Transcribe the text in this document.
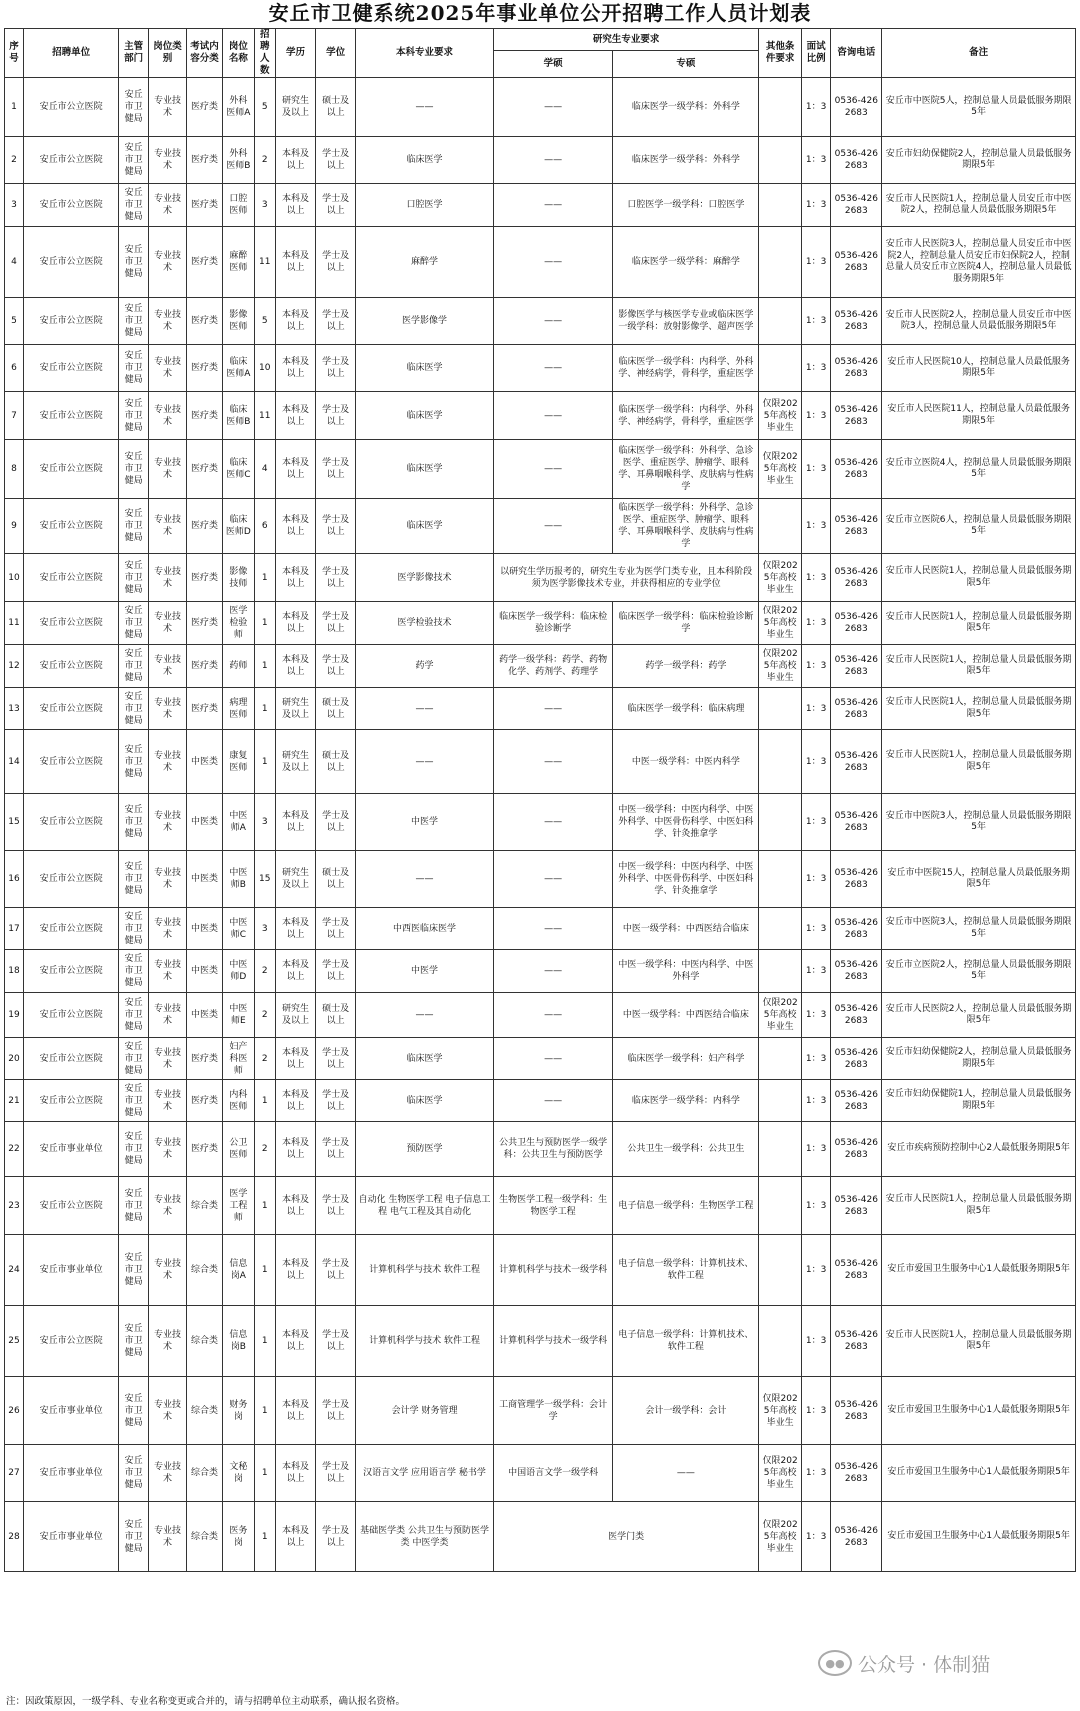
安丘市卫健系统2025年事业单位公开招聘工作人员计划表
序号	招聘单位	主管部门	岗位类别	考试内容分类	岗位名称	招聘人数	学历	学位	本科专业要求	研究生专业要求		其他条件要求	面试比例	咨询电话	备注
										学硕	专硕				
1	安丘市公立医院	安丘市卫健局	专业技术	医疗类	外科医师A	5	研究生及以上	硕士及以上	——	——	临床医学一级学科：外科学		1：3	0536-4262683	安丘市中医院5人，控制总量人员最低服务期限5年
2	安丘市公立医院	安丘市卫健局	专业技术	医疗类	外科医师B	2	本科及以上	学士及以上	临床医学	——	临床医学一级学科：外科学		1：3	0536-4262683	安丘市妇幼保健院2人，控制总量人员最低服务期限5年
3	安丘市公立医院	安丘市卫健局	专业技术	医疗类	口腔医师	3	本科及以上	学士及以上	口腔医学	——	口腔医学一级学科：口腔医学		1：3	0536-4262683	安丘市人民医院1人，控制总量人员安丘市中医院2人，控制总量人员最低服务期限5年
4	安丘市公立医院	安丘市卫健局	专业技术	医疗类	麻醉医师	11	本科及以上	学士及以上	麻醉学	——	临床医学一级学科：麻醉学		1：3	0536-4262683	安丘市人民医院3人，控制总量人员安丘市中医院2人，控制总量人员安丘市妇保院2人，控制总量人员安丘市立医院4人，控制总量人员最低服务期限5年
5	安丘市公立医院	安丘市卫健局	专业技术	医疗类	影像医师	5	本科及以上	学士及以上	医学影像学	——	影像医学与核医学专业或临床医学一级学科：放射影像学、超声医学		1：3	0536-4262683	安丘市人民医院2人，控制总量人员安丘市中医院3人，控制总量人员最低服务期限5年
6	安丘市公立医院	安丘市卫健局	专业技术	医疗类	临床医师A	10	本科及以上	学士及以上	临床医学	——	临床医学一级学科：内科学、外科学、神经病学，骨科学，重症医学		1：3	0536-4262683	安丘市人民医院10人，控制总量人员最低服务期限5年
7	安丘市公立医院	安丘市卫健局	专业技术	医疗类	临床医师B	11	本科及以上	学士及以上	临床医学	——	临床医学一级学科：内科学、外科学、神经病学，骨科学，重症医学	仅限2025年高校毕业生	1：3	0536-4262683	安丘市人民医院11人，控制总量人员最低服务期限5年
8	安丘市公立医院	安丘市卫健局	专业技术	医疗类	临床医师C	4	本科及以上	学士及以上	临床医学	——	临床医学一级学科：外科学、急诊医学、重症医学、肿瘤学、眼科学、耳鼻咽喉科学、皮肤病与性病学	仅限2025年高校毕业生	1：3	0536-4262683	安丘市立医院4人，控制总量人员最低服务期限5年
9	安丘市公立医院	安丘市卫健局	专业技术	医疗类	临床医师D	6	本科及以上	学士及以上	临床医学	——	临床医学一级学科：外科学、急诊医学、重症医学、肿瘤学、眼科学、耳鼻咽喉科学、皮肤病与性病学		1：3	0536-4262683	安丘市立医院6人，控制总量人员最低服务期限5年
10	安丘市公立医院	安丘市卫健局	专业技术	医疗类	影像技师	1	本科及以上	学士及以上	医学影像技术	以研究生学历报考的，研究生专业为医学门类专业，且本科阶段须为医学影像技术专业，并获得相应的专业学位		仅限2025年高校毕业生	1：3	0536-4262683	安丘市人民医院1人，控制总量人员最低服务期限5年
11	安丘市公立医院	安丘市卫健局	专业技术	医疗类	医学检验师	1	本科及以上	学士及以上	医学检验技术	临床医学一级学科：临床检验诊断学	临床医学一级学科：临床检验诊断学	仅限2025年高校毕业生	1：3	0536-4262683	安丘市人民医院1人，控制总量人员最低服务期限5年
12	安丘市公立医院	安丘市卫健局	专业技术	医疗类	药师	1	本科及以上	学士及以上	药学	药学一级学科：药学、药物化学、药剂学、药理学	药学一级学科：药学	仅限2025年高校毕业生	1：3	0536-4262683	安丘市人民医院1人，控制总量人员最低服务期限5年
13	安丘市公立医院	安丘市卫健局	专业技术	医疗类	病理医师	1	研究生及以上	硕士及以上	——	——	临床医学一级学科：临床病理		1：3	0536-4262683	安丘市人民医院1人，控制总量人员最低服务期限5年
14	安丘市公立医院	安丘市卫健局	专业技术	中医类	康复医师	1	研究生及以上	硕士及以上	——	——	中医一级学科：中医内科学		1：3	0536-4262683	安丘市人民医院1人，控制总量人员最低服务期限5年
15	安丘市公立医院	安丘市卫健局	专业技术	中医类	中医师A	3	本科及以上	学士及以上	中医学	——	中医一级学科：中医内科学、中医外科学、中医骨伤科学、中医妇科学、针灸推拿学		1：3	0536-4262683	安丘市中医院3人，控制总量人员最低服务期限5年
16	安丘市公立医院	安丘市卫健局	专业技术	中医类	中医师B	15	研究生及以上	硕士及以上	——	——	中医一级学科：中医内科学、中医外科学、中医骨伤科学、中医妇科学、针灸推拿学		1：3	0536-4262683	安丘市中医院15人，控制总量人员最低服务期限5年
17	安丘市公立医院	安丘市卫健局	专业技术	中医类	中医师C	3	本科及以上	学士及以上	中西医临床医学	——	中医一级学科：中西医结合临床		1：3	0536-4262683	安丘市中医院3人，控制总量人员最低服务期限5年
18	安丘市公立医院	安丘市卫健局	专业技术	中医类	中医师D	2	本科及以上	学士及以上	中医学	——	中医一级学科：中医内科学、中医外科学		1：3	0536-4262683	安丘市立医院2人，控制总量人员最低服务期限5年
19	安丘市公立医院	安丘市卫健局	专业技术	中医类	中医师E	2	研究生及以上	硕士及以上	——	——	中医一级学科：中西医结合临床	仅限2025年高校毕业生	1：3	0536-4262683	安丘市人民医院2人，控制总量人员最低服务期限5年
20	安丘市公立医院	安丘市卫健局	专业技术	医疗类	妇产科医师	2	本科及以上	学士及以上	临床医学	——	临床医学一级学科：妇产科学		1：3	0536-4262683	安丘市妇幼保健院2人，控制总量人员最低服务期限5年
21	安丘市公立医院	安丘市卫健局	专业技术	医疗类	内科医师	1	本科及以上	学士及以上	临床医学	——	临床医学一级学科：内科学		1：3	0536-4262683	安丘市妇幼保健院1人，控制总量人员最低服务期限5年
22	安丘市事业单位	安丘市卫健局	专业技术	医疗类	公卫医师	2	本科及以上	学士及以上	预防医学	公共卫生与预防医学一级学科：公共卫生与预防医学	公共卫生一级学科：公共卫生		1：3	0536-4262683	安丘市疾病预防控制中心2人最低服务期限5年
23	安丘市公立医院	安丘市卫健局	专业技术	综合类	医学工程师	1	本科及以上	学士及以上	自动化 生物医学工程 电子信息工程 电气工程及其自动化	生物医学工程一级学科：生物医学工程	电子信息一级学科：生物医学工程		1：3	0536-4262683	安丘市人民医院1人，控制总量人员最低服务期限5年
24	安丘市事业单位	安丘市卫健局	专业技术	综合类	信息岗A	1	本科及以上	学士及以上	计算机科学与技术 软件工程	计算机科学与技术一级学科	电子信息一级学科：计算机技术、软件工程		1：3	0536-4262683	安丘市爱国卫生服务中心1人最低服务期限5年
25	安丘市公立医院	安丘市卫健局	专业技术	综合类	信息岗B	1	本科及以上	学士及以上	计算机科学与技术 软件工程	计算机科学与技术一级学科	电子信息一级学科：计算机技术、软件工程		1：3	0536-4262683	安丘市人民医院1人，控制总量人员最低服务期限5年
26	安丘市事业单位	安丘市卫健局	专业技术	综合类	财务岗	1	本科及以上	学士及以上	会计学 财务管理	工商管理学一级学科：会计学	会计一级学科：会计	仅限2025年高校毕业生	1：3	0536-4262683	安丘市爱国卫生服务中心1人最低服务期限5年
27	安丘市事业单位	安丘市卫健局	专业技术	综合类	文秘岗	1	本科及以上	学士及以上	汉语言文学 应用语言学 秘书学	中国语言文学一级学科	——	仅限2025年高校毕业生	1：3	0536-4262683	安丘市爱国卫生服务中心1人最低服务期限5年
28	安丘市事业单位	安丘市卫健局	专业技术	综合类	医务岗	1	本科及以上	学士及以上	基础医学类 公共卫生与预防医学类 中医学类	医学门类		仅限2025年高校毕业生	1：3	0536-4262683	安丘市爱国卫生服务中心1人最低服务期限5年
●● 公众号 · 体制猫
注：因政策原因，一级学科、专业名称变更或合并的，请与招聘单位主动联系，确认报名资格。
